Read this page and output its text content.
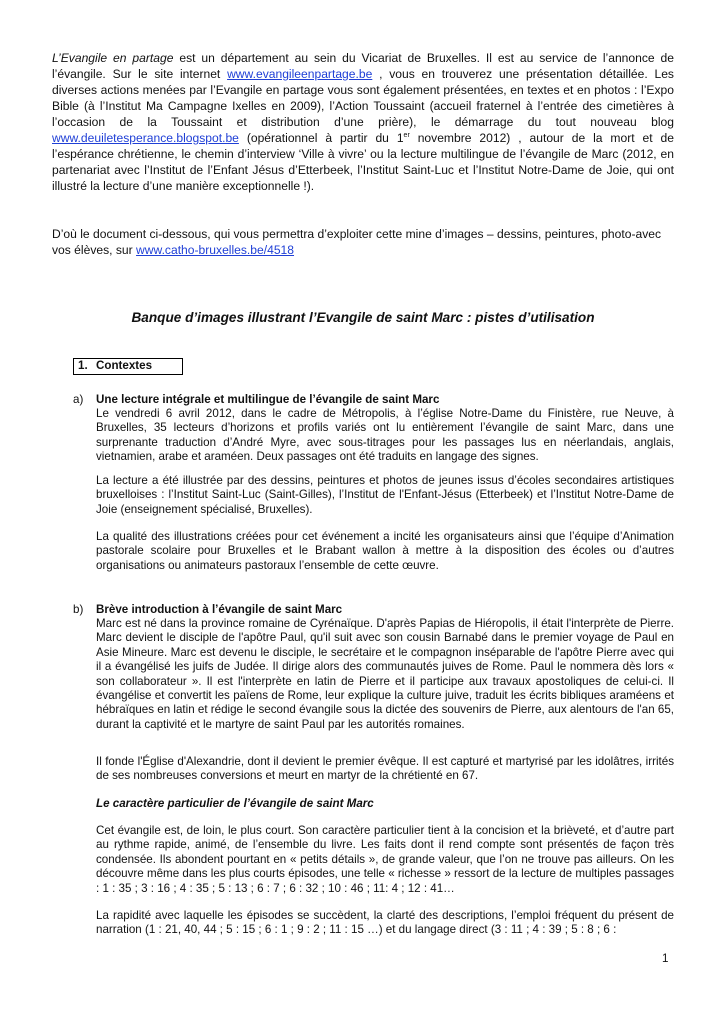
L’Evangile en partage est un département au sein du Vicariat de Bruxelles. Il est au service de l’annonce de l’évangile. Sur le site internet www.evangileenpartage.be , vous en trouverez une présentation détaillée. Les diverses actions menées par l’Evangile en partage vous sont également présentées, en textes et en photos : l’Expo Bible (à l’Institut Ma Campagne Ixelles en 2009), l’Action Toussaint (accueil fraternel à l’entrée des cimetières à l’occasion de la Toussaint et distribution d’une prière), le démarrage du tout nouveau blog www.deuiletesperance.blogspot.be (opérationnel à partir du 1er novembre 2012) , autour de la mort et de l’espérance chrétienne, le chemin d’interview ‘Ville à vivre’ ou la lecture multilingue de l’évangile de Marc (2012, en partenariat avec l’Institut de l’Enfant Jésus d’Etterbeek, l’Institut Saint-Luc et l’Institut Notre-Dame de Joie, qui ont illustré la lecture d’une manière exceptionnelle !).
D’où le document ci-dessous, qui vous permettra d’exploiter cette mine d’images – dessins, peintures, photo-avec vos élèves, sur www.catho-bruxelles.be/4518
Banque d’images illustrant l’Evangile de saint Marc : pistes d’utilisation
1. Contextes
a) Une lecture intégrale et multilingue de l’évangile de saint Marc
Le vendredi 6 avril 2012, dans le cadre de Métropolis, à l’église Notre-Dame du Finistère, rue Neuve, à Bruxelles, 35 lecteurs d’horizons et profils variés ont lu entièrement l’évangile de saint Marc, dans une surprenante traduction d’André Myre, avec sous-titrages pour les passages lus en néerlandais, anglais, vietnamien, arabe et araméen. Deux passages ont été traduits en langage des signes.
La lecture a été illustrée par des dessins, peintures et photos de jeunes issus d’écoles secondaires artistiques bruxelloises : l’Institut Saint-Luc (Saint-Gilles), l’Institut de l'Enfant-Jésus (Etterbeek) et l’Institut Notre-Dame de Joie (enseignement spécialisé, Bruxelles).
La qualité des illustrations créées pour cet événement a incité les organisateurs ainsi que l’équipe d’Animation pastorale scolaire pour Bruxelles et le Brabant wallon à mettre à la disposition des écoles ou d’autres organisations ou animateurs pastoraux l’ensemble de cette œuvre.
b) Brève introduction à l’évangile de saint Marc
Marc est né dans la province romaine de Cyrénaïque. D'après Papias de Hiéropolis, il était l'interprète de Pierre. Marc devient le disciple de l'apôtre Paul, qu'il suit avec son cousin Barnabé dans le premier voyage de Paul en Asie Mineure. Marc est devenu le disciple, le secrétaire et le compagnon inséparable de l'apôtre Pierre avec qui il a évangélisé les juifs de Judée. Il dirige alors des communautés juives de Rome. Paul le nommera dès lors « son collaborateur ». Il est l'interprète en latin de Pierre et il participe aux travaux apostoliques de celui-ci. Il évangélise et convertit les païens de Rome, leur explique la culture juive, traduit les écrits bibliques araméens et hébraïques en latin et rédige le second évangile sous la dictée des souvenirs de Pierre, aux alentours de l'an 65, durant la captivité et le martyre de saint Paul par les autorités romaines.
Il fonde l'Église d'Alexandrie, dont il devient le premier évêque. Il est capturé et martyrisé par les idolâtres, irrités de ses nombreuses conversions et meurt en martyr de la chrétienté en 67.
Le caractère particulier de l’évangile de saint Marc
Cet évangile est, de loin, le plus court. Son caractère particulier tient à la concision et la brièveté, et d’autre part au rythme rapide, animé, de l’ensemble du livre. Les faits dont il rend compte sont présentés de façon très condensée. Ils abondent pourtant en « petits détails », de grande valeur, que l’on ne trouve pas ailleurs. On les découvre même dans les plus courts épisodes, une telle « richesse » ressort de la lecture de multiples passages : 1 : 35 ; 3 : 16 ; 4 : 35 ; 5 : 13 ; 6 : 7 ; 6 : 32 ; 10 : 46 ; 11: 4 ; 12 : 41…
La rapidité avec laquelle les épisodes se succèdent, la clarté des descriptions, l’emploi fréquent du présent de narration (1 : 21, 40, 44 ; 5 : 15 ; 6 : 1 ; 9 : 2 ; 11 : 15 …) et du langage direct (3 : 11 ; 4 : 39 ; 5 : 8 ; 6 :
1
